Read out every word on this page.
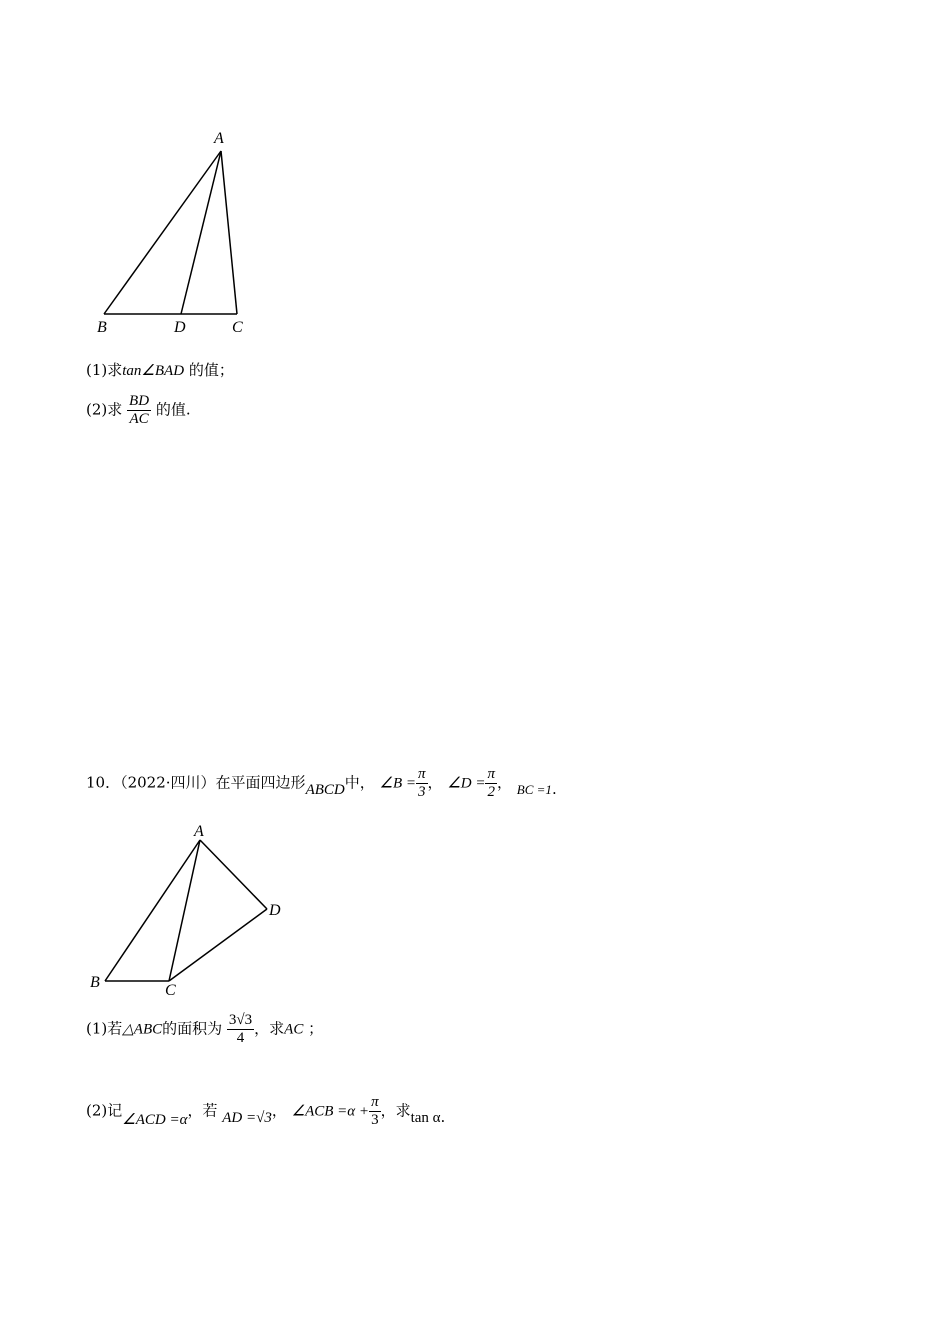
A
B	D	C
(1)求tan∠BAD 的值；
(2)求 $\frac{BD}{AC}$ 的值.
10．（2022·四川）在平面四边形ABCD中， ∠B = $\frac{\pi}{3}$ ， ∠D = $\frac{\pi}{2}$ ， BC =1.
A
B	C
D
(1)若△ABC的面积为 $\frac{3√3}{4}$ ，求AC ；
(2)记∠ACD =α，若 AD =√3， ∠ACB $=\alpha + \frac{\pi}{3}$ ，求tan α.
